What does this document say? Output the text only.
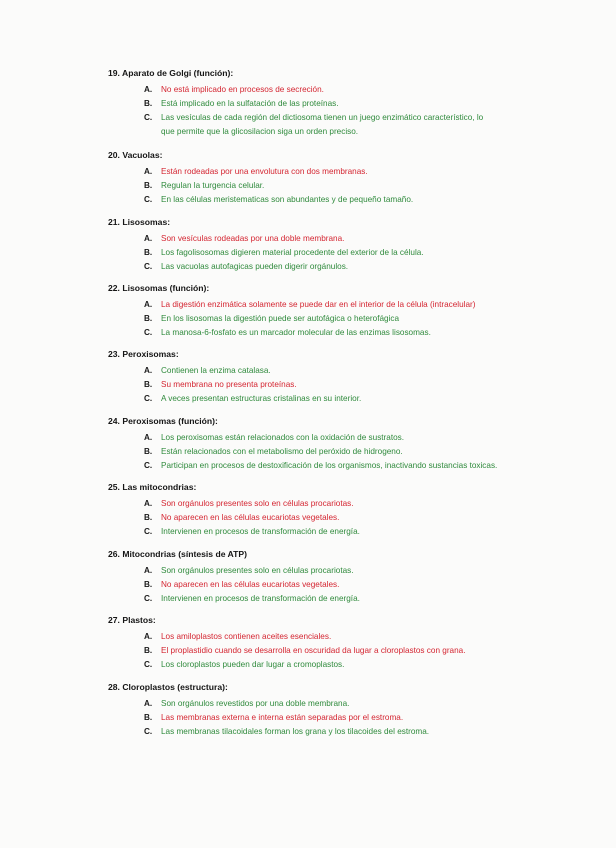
19. Aparato de Golgi (función):
A. No está implicado en procesos de secreción.
B. Está implicado en la sulfatación de las proteínas.
C. Las vesículas de cada región del dictiosoma tienen un juego enzimático característico, lo
que permite que la glicosilacion siga un orden preciso.
20. Vacuolas:
A. Están rodeadas por una envolutura con dos membranas.
B. Regulan la turgencia celular.
C. En las células meristematicas son abundantes y de pequeño tamaño.
21. Lisosomas:
A. Son vesículas rodeadas por una doble membrana.
B. Los fagolisosomas digieren material procedente del exterior de la célula.
C. Las vacuolas autofagicas pueden digerir orgánulos.
22. Lisosomas (función):
A. La digestión enzimática solamente se puede dar en el interior de la célula (intracelular)
B. En los lisosomas la digestión puede ser autofágica o heterofágica
C. La manosa-6-fosfato es un marcador molecular de las enzimas lisosomas.
23. Peroxisomas:
A. Contienen la enzima catalasa.
B. Su membrana no presenta proteínas.
C. A veces presentan estructuras cristalinas en su interior.
24. Peroxisomas (función):
A. Los peroxisomas están relacionados con la oxidación de sustratos.
B. Están relacionados con el metabolismo del peróxido de hidrogeno.
C. Participan en procesos de destoxificación de los organismos, inactivando sustancias toxicas.
25. Las mitocondrias:
A. Son orgánulos presentes solo en células procariotas.
B. No aparecen en las células eucariotas vegetales.
C. Intervienen en procesos de transformación de energía.
26. Mitocondrias (síntesis de ATP)
A. Son orgánulos presentes solo en células procariotas.
B. No aparecen en las células eucariotas vegetales.
C. Intervienen en procesos de transformación de energía.
27. Plastos:
A. Los amiloplastos contienen aceites esenciales.
B. El proplastidio cuando se desarrolla en oscuridad da lugar a cloroplastos con grana.
C. Los cloroplastos pueden dar lugar a cromoplastos.
28. Cloroplastos (estructura):
A. Son orgánulos revestidos por una doble membrana.
B. Las membranas externa e interna están separadas por el estroma.
C. Las membranas tilacoidales forman los grana y los tilacoides del estroma.
